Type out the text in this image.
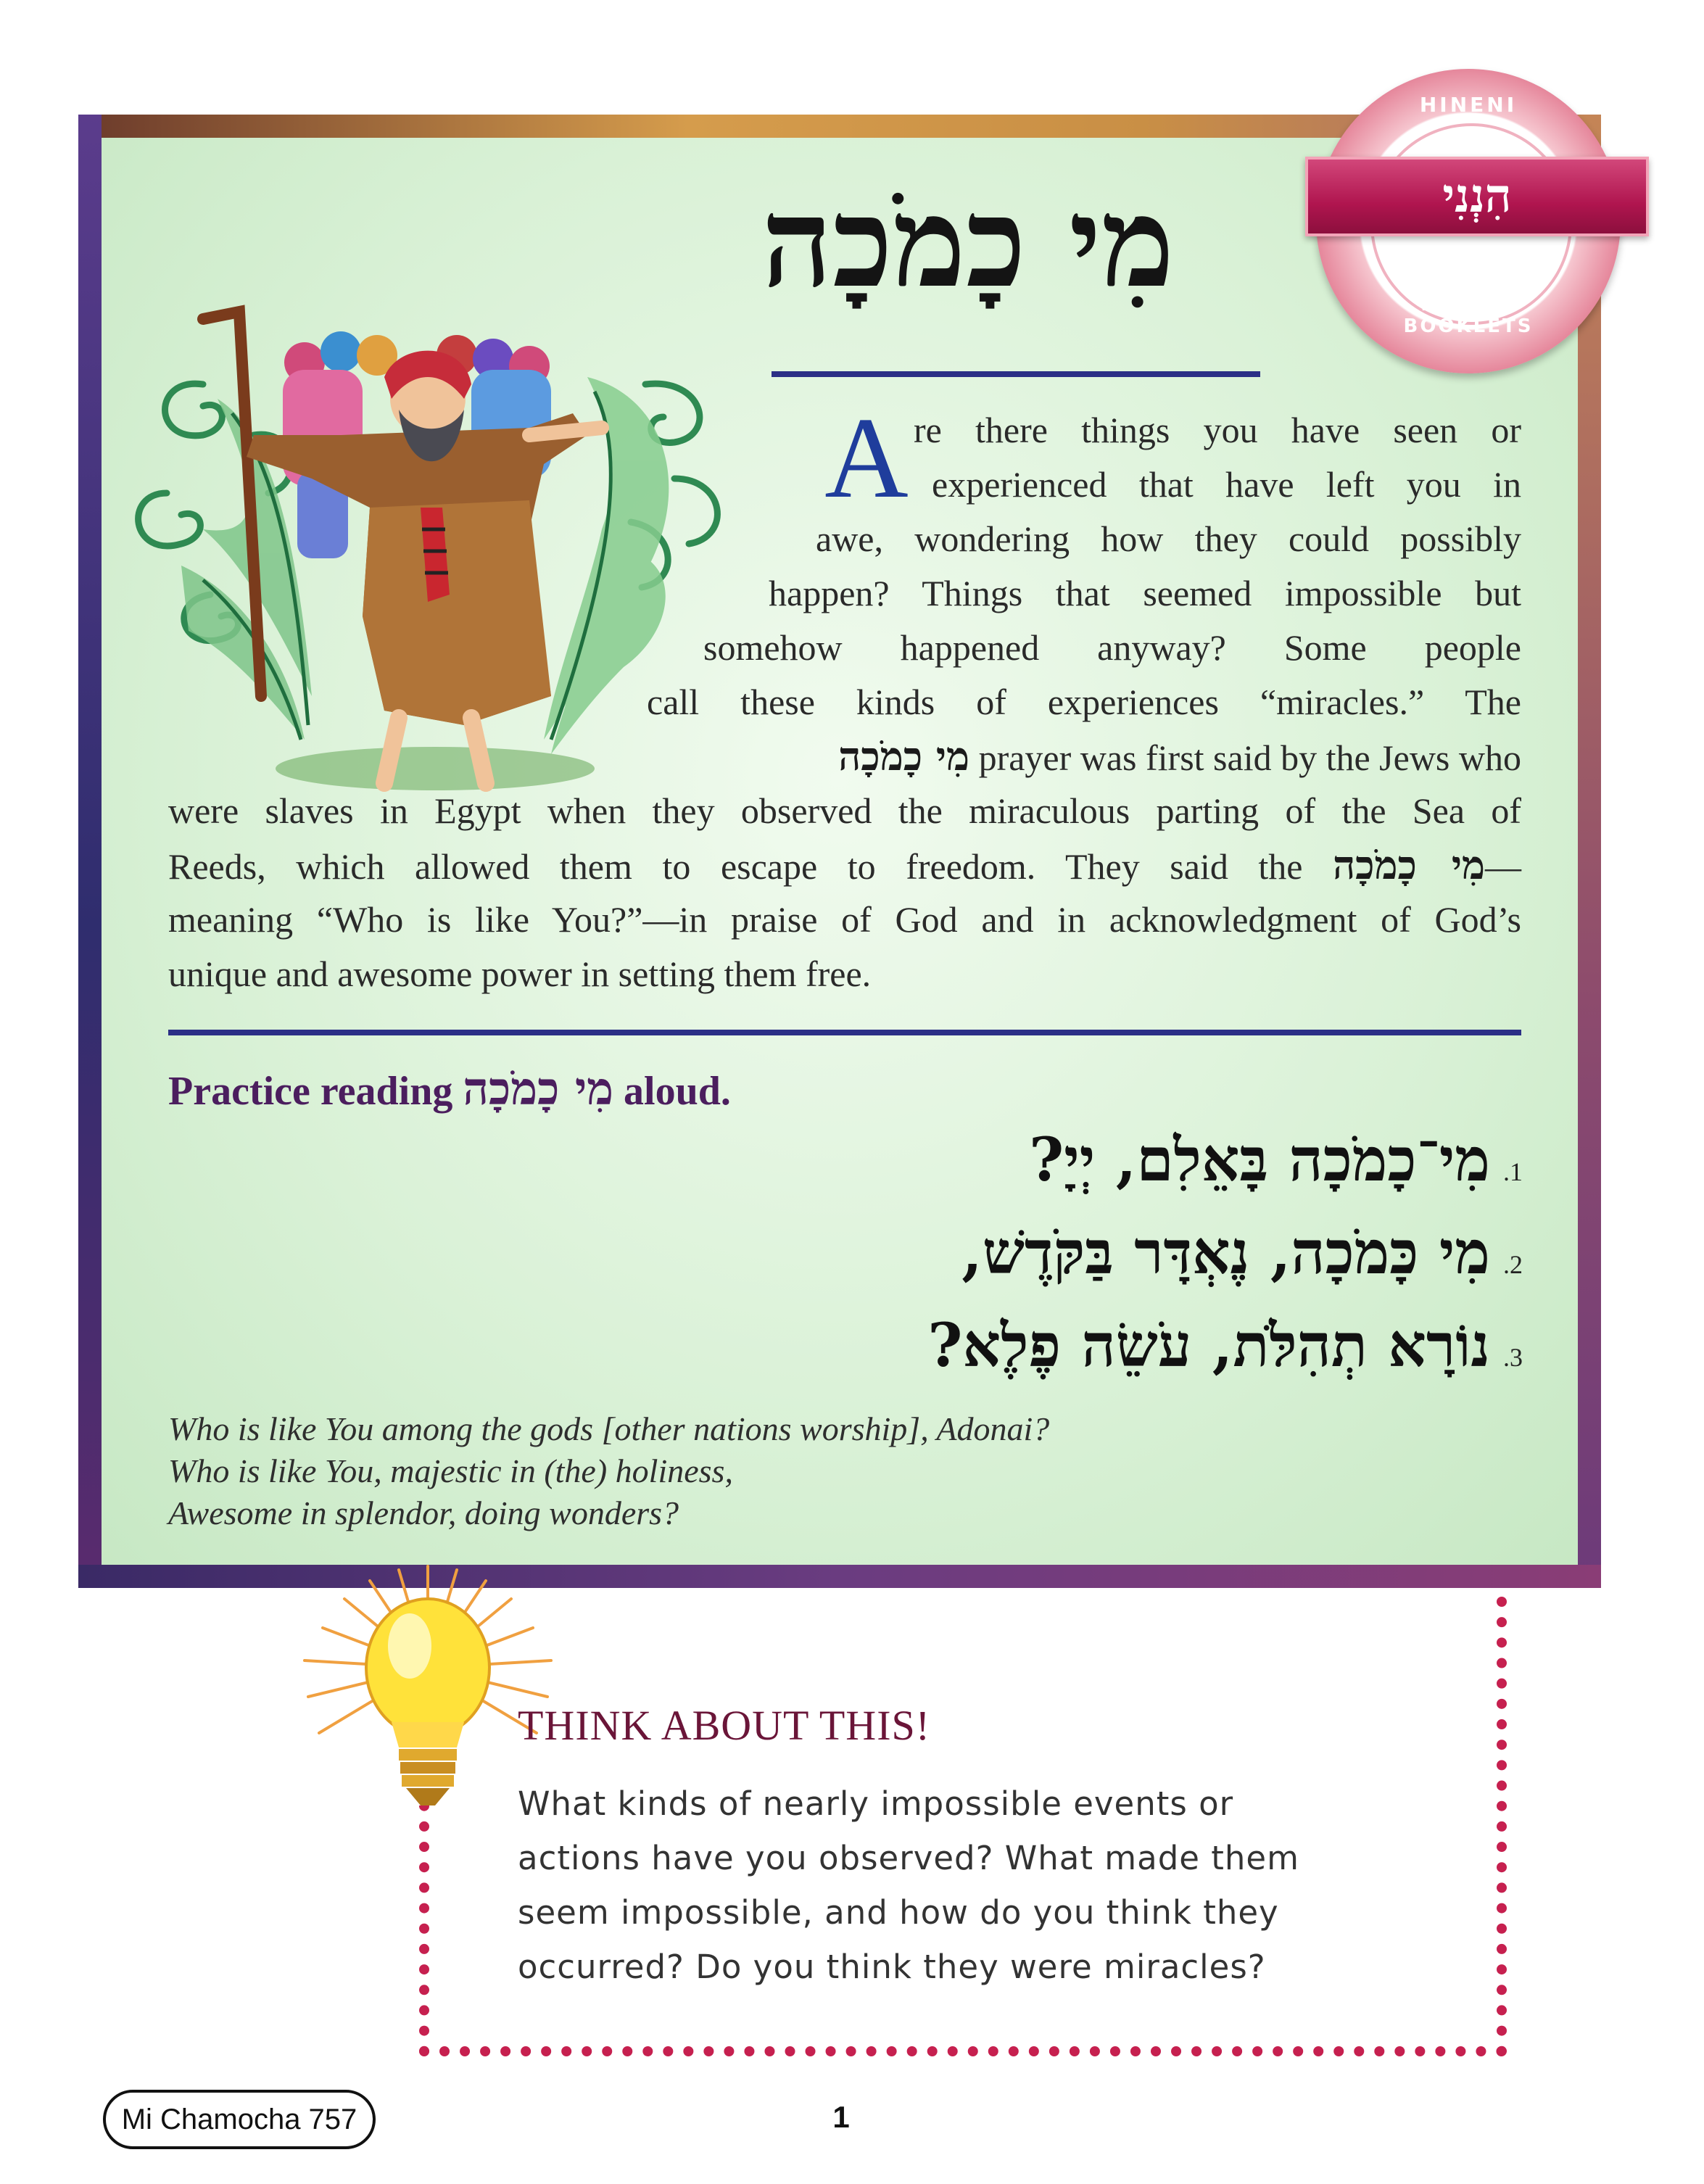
מִי כָמֹכָה
HINENI
הִנְנִי
PRAYER BOOKLETS
A re there things you have seen or
experienced that have left you in
awe, wondering how they could possibly
happen? Things that seemed impossible but
somehow happened anyway? Some people
call these kinds of experiences “miracles.” The
מִי כָמֹכָה prayer was first said by the Jews who
were slaves in Egypt when they observed the miraculous parting of the Sea of
Reeds, which allowed them to escape to freedom. They said the מִי כָמֹכָה—
meaning “Who is like You?”—in praise of God and in acknowledgment of God’s
unique and awesome power in setting them free.
Practice reading מִי כָמֹכָה aloud.
1.מִי־כָמֹכָה בָּאֵלִם, יְיָ?
2.מִי כָּמֹכָה, נֶאְדָּר בַּקֹּדֶשׁ,
3.נוֹרָא תְהִלֹּת, עֹשֵׂה פֶלֶא?
Who is like You among the gods [other nations worship], Adonai?
Who is like You, majestic in (the) holiness,
Awesome in splendor, doing wonders?
THINK ABOUT THIS!
What kinds of nearly impossible events or
actions have you observed? What made them
seem impossible, and how do you think they
occurred? Do you think they were miracles?
Mi Chamocha 757	1
